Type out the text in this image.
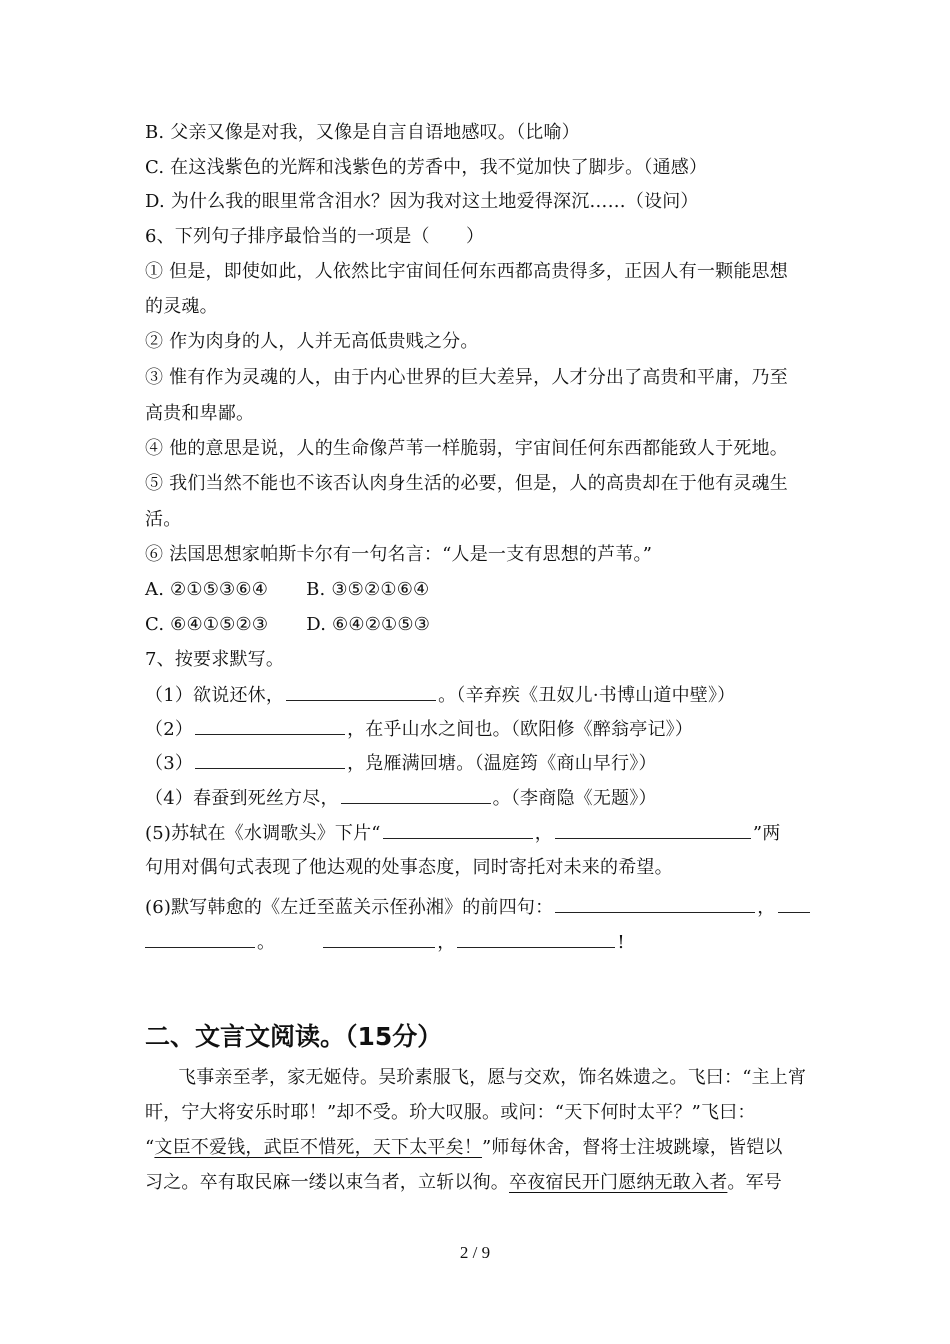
B. 父亲又像是对我，又像是自言自语地感叹。（比喻）
C. 在这浅紫色的光辉和浅紫色的芳香中，我不觉加快了脚步。（通感）
D. 为什么我的眼里常含泪水？因为我对这土地爱得深沉……（设问）
6、下列句子排序最恰当的一项是（　　）
① 但是，即使如此，人依然比宇宙间任何东西都高贵得多，正因人有一颗能思想
的灵魂。
② 作为肉身的人，人并无高低贵贱之分。
③ 惟有作为灵魂的人，由于内心世界的巨大差异，人才分出了高贵和平庸，乃至
高贵和卑鄙。
④ 他的意思是说，人的生命像芦苇一样脆弱，宇宙间任何东西都能致人于死地。
⑤ 我们当然不能也不该否认肉身生活的必要，但是，人的高贵却在于他有灵魂生
活。
⑥ 法国思想家帕斯卡尔有一句名言：“人是一支有思想的芦苇。”
A. ②①⑤③⑥④ B. ③⑤②①⑥④
C. ⑥④①⑤②③ D. ⑥④②①⑤③
7、按要求默写。
（1）欲说还休，	。（辛弃疾《丑奴儿·书博山道中壁》）
（2）	，在乎山水之间也。（欧阳修《醉翁亭记》）
（3）	，凫雁满回塘。（温庭筠《商山早行》）
（4）春蚕到死丝方尽，	。（李商隐《无题》）
(5)苏轼在《水调歌头》下片“	，	”两
句用对偶句式表现了他达观的处事态度，同时寄托对未来的希望。
(6)默写韩愈的《左迁至蓝关示侄孙湘》的前四句：	，
。	，	!
二、文言文阅读。（15分）
飞事亲至孝，家无姬侍。吴玠素服飞，愿与交欢，饰名姝遗之。飞曰：“主上宵
旰，宁大将安乐时耶！”却不受。玠大叹服。或问：“天下何时太平？”飞曰：
“文臣不爱钱，武臣不惜死，天下太平矣！”师每休舍，督将士注坡跳壕，皆铠以
习之。卒有取民麻一缕以束刍者，立斩以徇。卒夜宿民开门愿纳无敢入者。军号
2 / 9
